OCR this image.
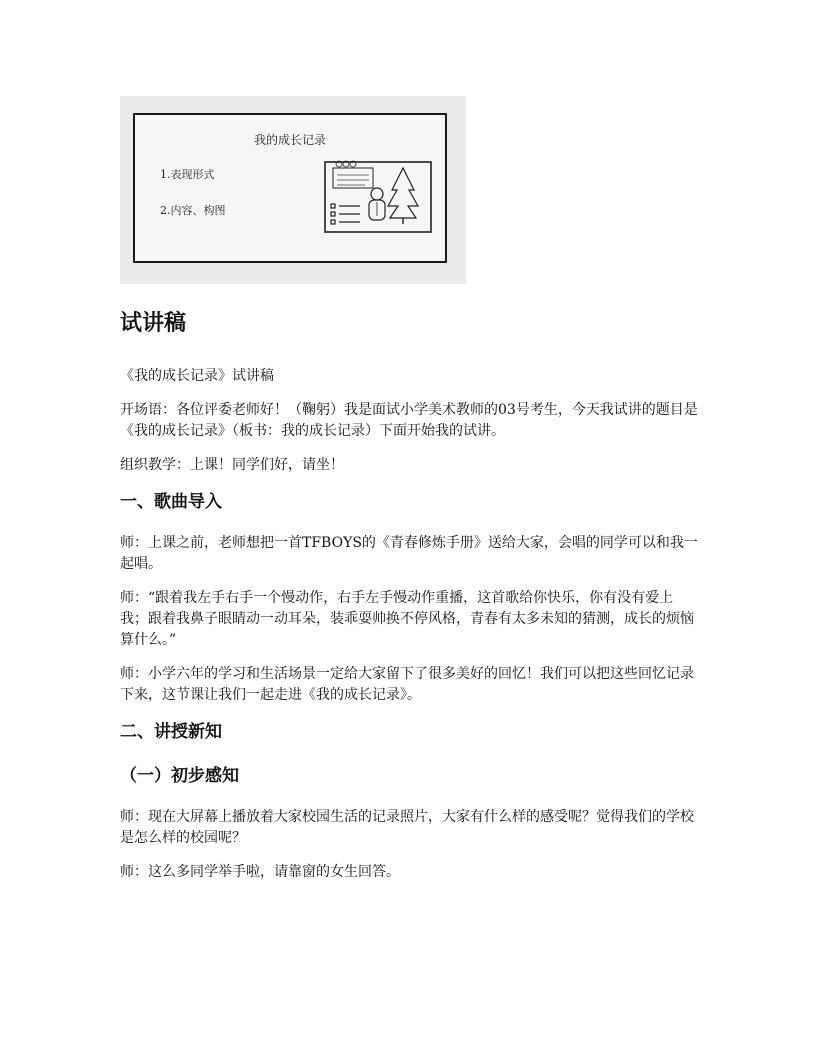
我的成长记录
1.表现形式
2.内容、构图
试讲稿

《我的成长记录》试讲稿

开场语：各位评委老师好！（鞠躬）我是面试小学美术教师的03号考生，今天我试讲的题目是《我的成长记录》（板书：我的成长记录）下面开始我的试讲。

组织教学：上课！同学们好，请坐！

一、歌曲导入

师：上课之前，老师想把一首TFBOYS的《青春修炼手册》送给大家，会唱的同学可以和我一起唱。

师：“跟着我左手右手一个慢动作，右手左手慢动作重播，这首歌给你快乐，你有没有爱上我；跟着我鼻子眼睛动一动耳朵，装乖耍帅换不停风格，青春有太多未知的猜测，成长的烦恼算什么。”

师：小学六年的学习和生活场景一定给大家留下了很多美好的回忆！我们可以把这些回忆记录下来，这节课让我们一起走进《我的成长记录》。

二、讲授新知
（一）初步感知

师：现在大屏幕上播放着大家校园生活的记录照片，大家有什么样的感受呢？觉得我们的学校是怎么样的校园呢？

师：这么多同学举手啦，请靠窗的女生回答。
